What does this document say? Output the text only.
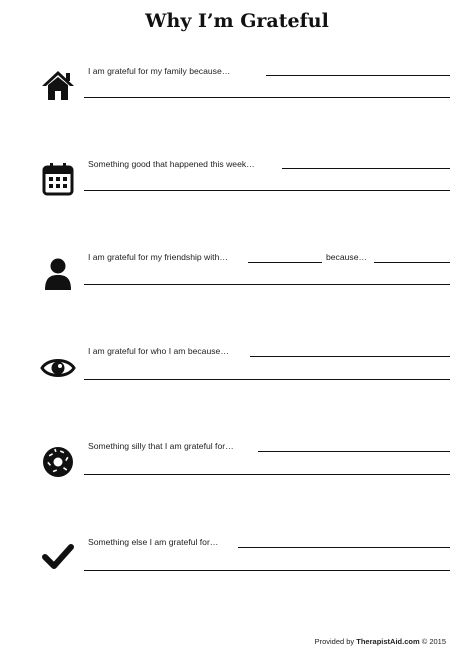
Why I’m Grateful
I am grateful for my family because…
Something good that happened this week…
I am grateful for my friendship with…	because…
I am grateful for who I am because…
Something silly that I am grateful for…
Something else I am grateful for…
Provided by TherapistAid.com © 2015
